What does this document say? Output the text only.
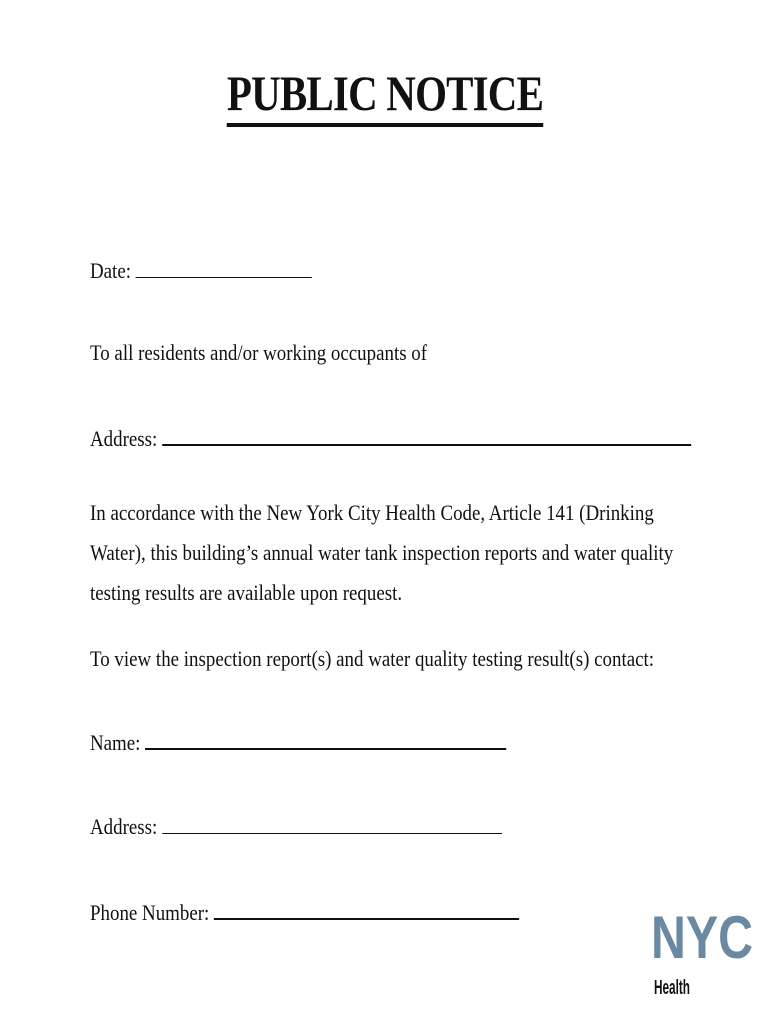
PUBLIC NOTICE
Date:
To all residents and/or working occupants of
Address:
In accordance with the New York City Health Code, Article 141 (Drinking Water), this building’s annual water tank inspection reports and water quality testing results are available upon request.
To view the inspection report(s) and water quality testing result(s) contact:
Name:
Address:
Phone Number:	NYC
Health
